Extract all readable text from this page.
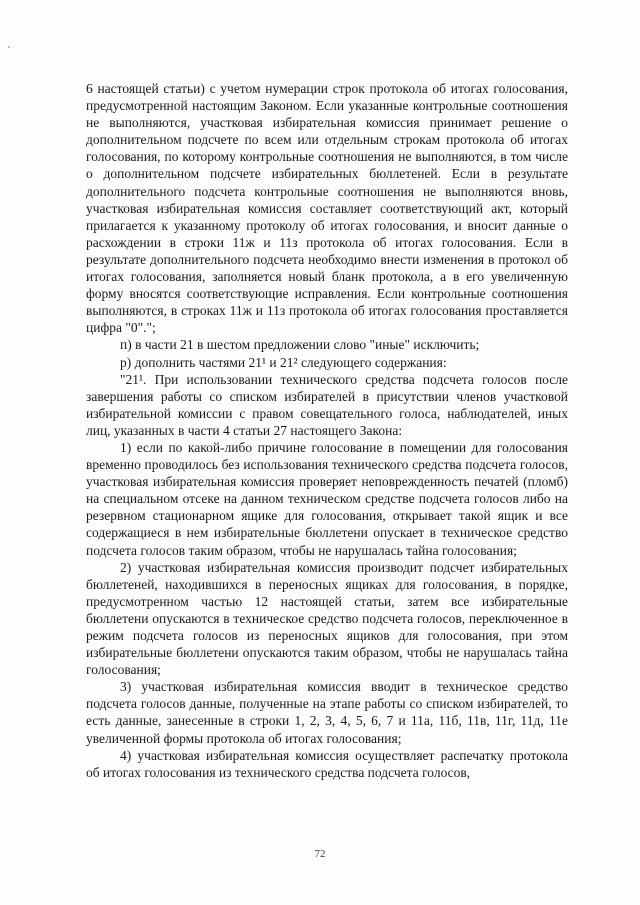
6 настоящей статьи) с учетом нумерации строк протокола об итогах голосования, предусмотренной настоящим Законом. Если указанные контрольные соотношения не выполняются, участковая избирательная комиссия принимает решение о дополнительном подсчете по всем или отдельным строкам протокола об итогах голосования, по которому контрольные соотношения не выполняются, в том числе о дополнительном подсчете избирательных бюллетеней. Если в результате дополнительного подсчета контрольные соотношения не выполняются вновь, участковая избирательная комиссия составляет соответствующий акт, который прилагается к указанному протоколу об итогах голосования, и вносит данные о расхождении в строки 11ж и 11з протокола об итогах голосования. Если в результате дополнительного подсчета необходимо внести изменения в протокол об итогах голосования, заполняется новый бланк протокола, а в его увеличенную форму вносятся соответствующие исправления. Если контрольные соотношения выполняются, в строках 11ж и 11з протокола об итогах голосования проставляется цифра "0".";

п) в части 21 в шестом предложении слово "иные" исключить;

р) дополнить частями 21¹ и 21² следующего содержания:

"21¹. При использовании технического средства подсчета голосов после завершения работы со списком избирателей в присутствии членов участковой избирательной комиссии с правом совещательного голоса, наблюдателей, иных лиц, указанных в части 4 статьи 27 настоящего Закона:

1) если по какой-либо причине голосование в помещении для голосования временно проводилось без использования технического средства подсчета голосов, участковая избирательная комиссия проверяет неповрежденность печатей (пломб) на специальном отсеке на данном техническом средстве подсчета голосов либо на резервном стационарном ящике для голосования, открывает такой ящик и все содержащиеся в нем избирательные бюллетени опускает в техническое средство подсчета голосов таким образом, чтобы не нарушалась тайна голосования;

2) участковая избирательная комиссия производит подсчет избирательных бюллетеней, находившихся в переносных ящиках для голосования, в порядке, предусмотренном частью 12 настоящей статьи, затем все избирательные бюллетени опускаются в техническое средство подсчета голосов, переключенное в режим подсчета голосов из переносных ящиков для голосования, при этом избирательные бюллетени опускаются таким образом, чтобы не нарушалась тайна голосования;

3) участковая избирательная комиссия вводит в техническое средство подсчета голосов данные, полученные на этапе работы со списком избирателей, то есть данные, занесенные в строки 1, 2, 3, 4, 5, 6, 7 и 11а, 11б, 11в, 11г, 11д, 11е увеличенной формы протокола об итогах голосования;

4) участковая избирательная комиссия осуществляет распечатку протокола об итогах голосования из технического средства подсчета голосов,

72
